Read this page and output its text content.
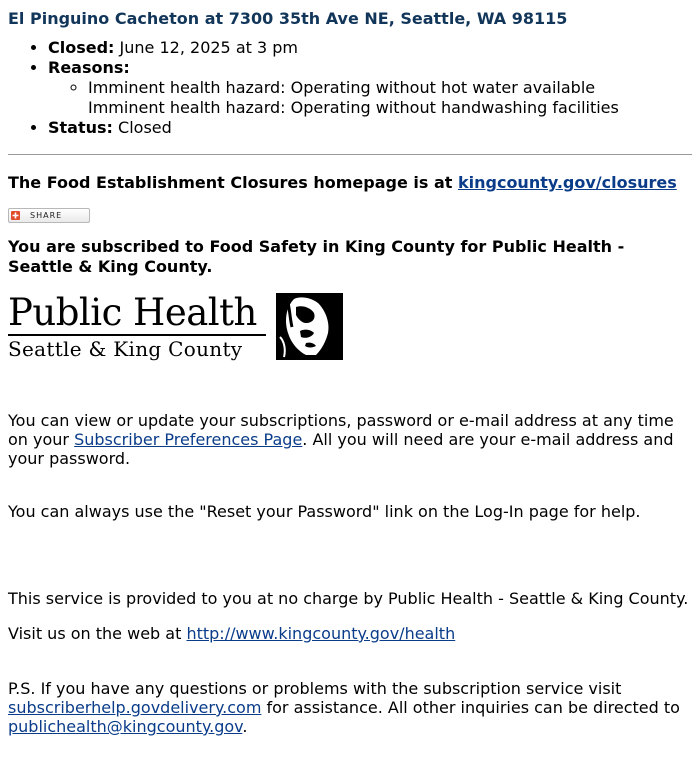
El Pinguino Cacheton at 7300 35th Ave NE, Seattle, WA 98115
• Closed: June 12, 2025 at 3 pm
• Reasons:
◦ Imminent health hazard: Operating without hot water available
Imminent health hazard: Operating without handwashing facilities
• Status: Closed
The Food Establishment Closures homepage is at kingcounty.gov/closures
SHARE
You are subscribed to Food Safety in King County for Public Health - Seattle & King County.
Public Health
Seattle & King County

You can view or update your subscriptions, password or e-mail address at any time on your Subscriber Preferences Page. All you will need are your e-mail address and your password.

You can always use the "Reset your Password" link on the Log-In page for help.

This service is provided to you at no charge by Public Health - Seattle & King County.

Visit us on the web at http://www.kingcounty.gov/health

P.S. If you have any questions or problems with the subscription service visit subscriberhelp.govdelivery.com for assistance. All other inquiries can be directed to publichealth@kingcounty.gov.
